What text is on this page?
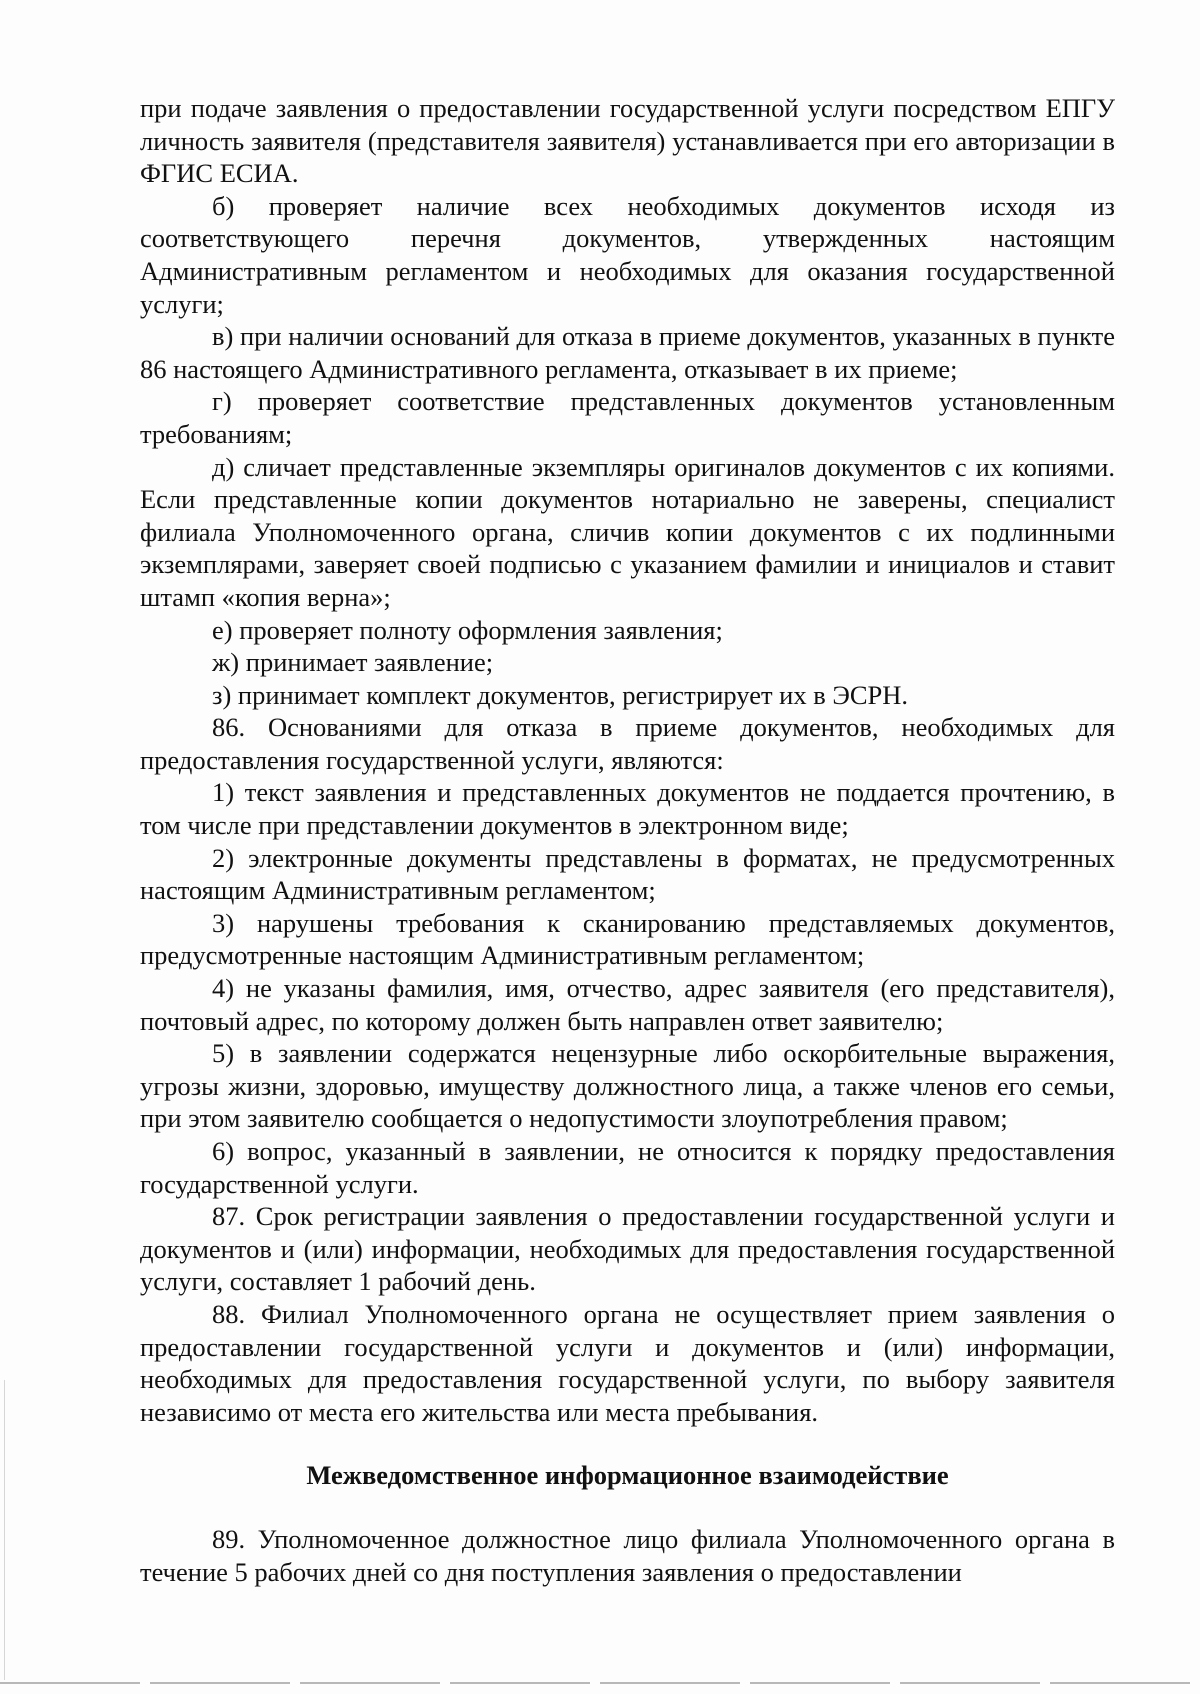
при подаче заявления о предоставлении государственной услуги посредством ЕПГУ личность заявителя (представителя заявителя) устанавливается при его авторизации в ФГИС ЕСИА.

б) проверяет наличие всех необходимых документов исходя из соответствующего перечня документов, утвержденных настоящим Административным регламентом и необходимых для оказания государственной услуги;

в) при наличии оснований для отказа в приеме документов, указанных в пункте 86 настоящего Административного регламента, отказывает в их приеме;

г) проверяет соответствие представленных документов установленным требованиям;

д) сличает представленные экземпляры оригиналов документов с их копиями. Если представленные копии документов нотариально не заверены, специалист филиала Уполномоченного органа, сличив копии документов с их подлинными экземплярами, заверяет своей подписью с указанием фамилии и инициалов и ставит штамп «копия верна»;

е) проверяет полноту оформления заявления;

ж) принимает заявление;

з) принимает комплект документов, регистрирует их в ЭСРН.

86. Основаниями для отказа в приеме документов, необходимых для предоставления государственной услуги, являются:

1) текст заявления и представленных документов не поддается прочтению, в том числе при представлении документов в электронном виде;

2) электронные документы представлены в форматах, не предусмотренных настоящим Административным регламентом;

3) нарушены требования к сканированию представляемых документов, предусмотренные настоящим Административным регламентом;

4) не указаны фамилия, имя, отчество, адрес заявителя (его представителя), почтовый адрес, по которому должен быть направлен ответ заявителю;

5) в заявлении содержатся нецензурные либо оскорбительные выражения, угрозы жизни, здоровью, имуществу должностного лица, а также членов его семьи, при этом заявителю сообщается о недопустимости злоупотребления правом;

6) вопрос, указанный в заявлении, не относится к порядку предоставления государственной услуги.

87. Срок регистрации заявления о предоставлении государственной услуги и документов и (или) информации, необходимых для предоставления государственной услуги, составляет 1 рабочий день.

88. Филиал Уполномоченного органа не осуществляет прием заявления о предоставлении государственной услуги и документов и (или) информации, необходимых для предоставления государственной услуги, по выбору заявителя независимо от места его жительства или места пребывания.

Межведомственное информационное взаимодействие

89. Уполномоченное должностное лицо филиала Уполномоченного органа в течение 5 рабочих дней со дня поступления заявления о предоставлении
